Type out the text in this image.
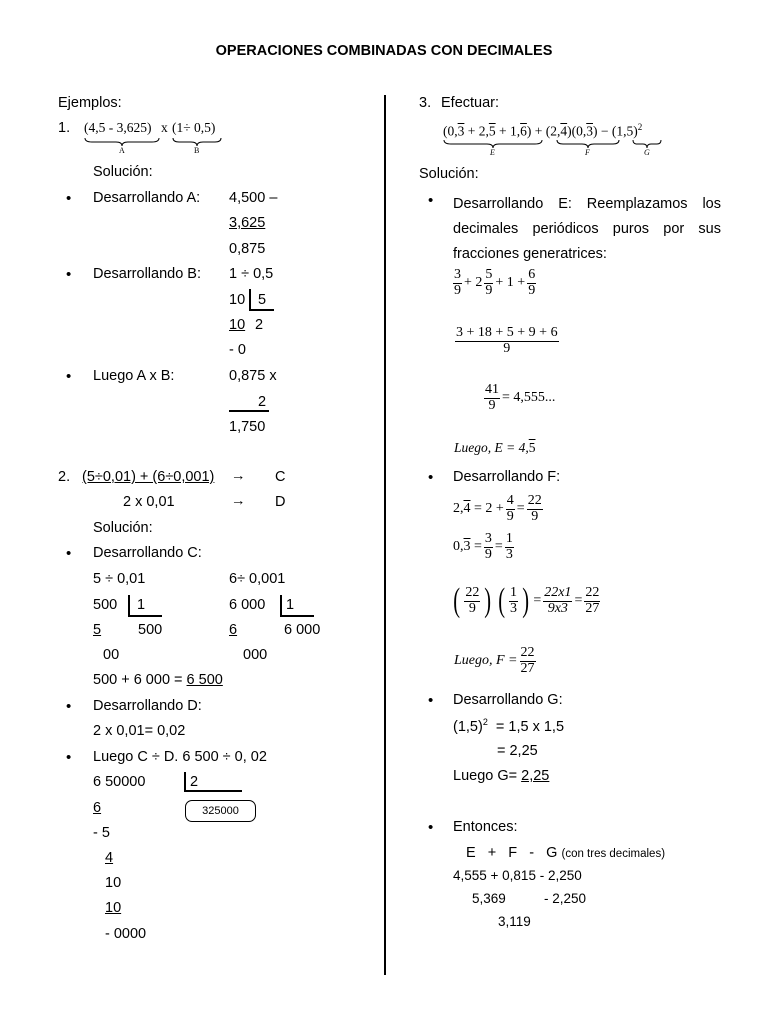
OPERACIONES COMBINADAS CON DECIMALES
Ejemplos:
1. (4,5 - 3,625) x (1÷ 0,5)
A	B
Solución:
• Desarrollando A: 4,500 –
3,625
0,875
• Desarrollando B: 1 ÷ 0,5
10 5
10 2
- 0
• Luego A x B:	0,875 x
2
1,750
2. (5÷0,01) + (6÷0,001) → C
2 x 0,01	→ D
Solución:
• Desarrollando C:
5 ÷ 0,01	6÷ 0,001
500 1	6 000 1
5	500	6	6 000
00	000
500 + 6 000 = 6 500
• Desarrollando D:
2 x 0,01= 0,02
• Luego C ÷ D. 6 500 ÷ 0, 02
6 50000	2
325000
6
- 5
4
10
10
- 0000
3. Efectuar:
$(0,3 + 2,5 + 1,6) + (2,4)(0,3) - (1,5)^2$
E	F	G
Solución:
• Desarrollando E: Reemplazamos los decimales periódicos puros por sus fracciones generatrices:
$\frac{3}{9} + 2 \frac{5}{9} + 1 + \frac{6}{9}$
$\frac{3 + 18 + 5 + 9 + 6}{9}$
$\frac{41}{9} = 4,555$...
Luego, E = 4,5
• Desarrollando F:
$2,4 = 2 + \frac{4}{9} = \frac{22}{9}$
$0,3 = \frac{3}{9} = \frac{1}{3}$
( $\frac{22}{9}$ ) ( $\frac{1}{3}$ ) = $\frac{22x1}{9x3} = \frac{22}{27}$
Luego, $F = \frac{22}{27}$
• Desarrollando G:
$(1,5)^2 = 1,5$ x 1,5
= 2,25
Luego G= 2,25
• Entonces:
E   +   F   -   G (con tres decimales)
4,555 + 0,815 - 2,250
5,369	- 2,250
3,119
